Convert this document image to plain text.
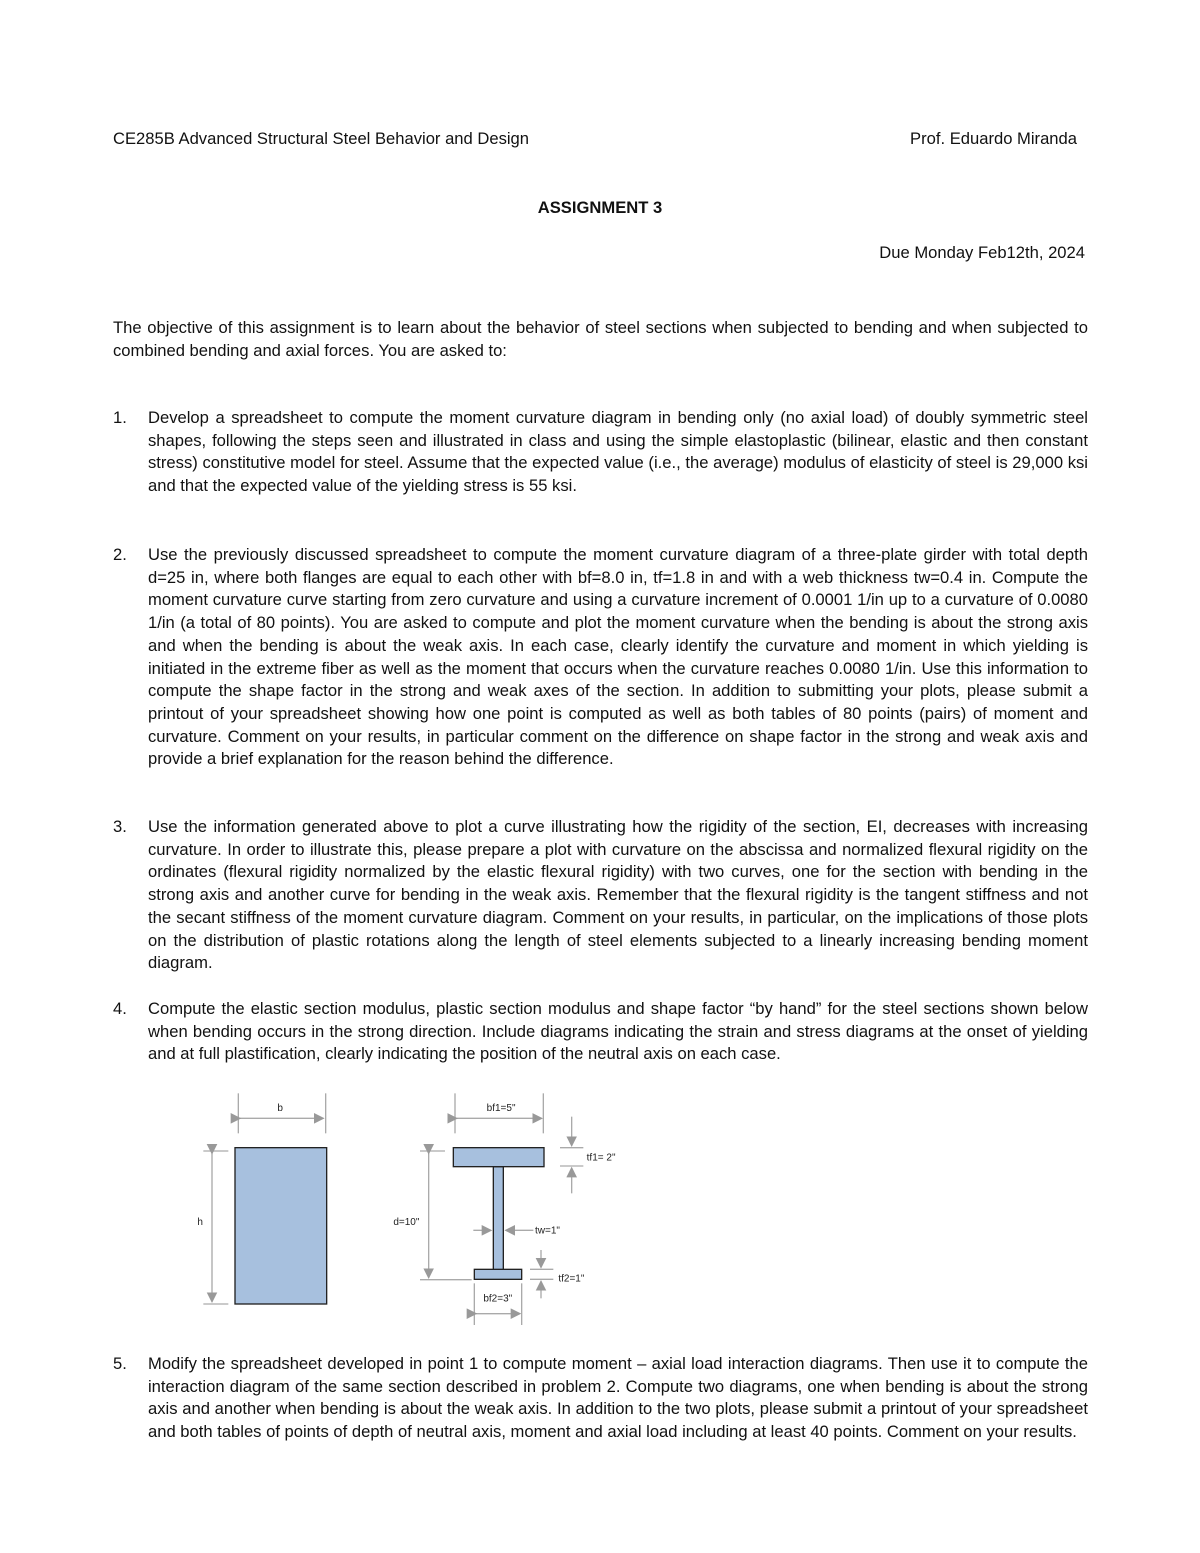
CE285B Advanced Structural Steel Behavior and Design	Prof. Eduardo Miranda
ASSIGNMENT 3
Due Monday Feb12th, 2024
The objective of this assignment is to learn about the behavior of steel sections when subjected to bending and when subjected to combined bending and axial forces. You are asked to:
1. Develop a spreadsheet to compute the moment curvature diagram in bending only (no axial load) of doubly symmetric steel shapes, following the steps seen and illustrated in class and using the simple elastoplastic (bilinear, elastic and then constant stress) constitutive model for steel. Assume that the expected value (i.e., the average) modulus of elasticity of steel is 29,000 ksi and that the expected value of the yielding stress is 55 ksi.
2. Use the previously discussed spreadsheet to compute the moment curvature diagram of a three-plate girder with total depth d=25 in, where both flanges are equal to each other with bf=8.0 in, tf=1.8 in and with a web thickness tw=0.4 in. Compute the moment curvature curve starting from zero curvature and using a curvature increment of 0.0001 1/in up to a curvature of 0.0080 1/in (a total of 80 points). You are asked to compute and plot the moment curvature when the bending is about the strong axis and when the bending is about the weak axis. In each case, clearly identify the curvature and moment in which yielding is initiated in the extreme fiber as well as the moment that occurs when the curvature reaches 0.0080 1/in. Use this information to compute the shape factor in the strong and weak axes of the section. In addition to submitting your plots, please submit a printout of your spreadsheet showing how one point is computed as well as both tables of 80 points (pairs) of moment and curvature. Comment on your results, in particular comment on the difference on shape factor in the strong and weak axis and provide a brief explanation for the reason behind the difference.
3. Use the information generated above to plot a curve illustrating how the rigidity of the section, EI, decreases with increasing curvature. In order to illustrate this, please prepare a plot with curvature on the abscissa and normalized flexural rigidity on the ordinates (flexural rigidity normalized by the elastic flexural rigidity) with two curves, one for the section with bending in the strong axis and another curve for bending in the weak axis. Remember that the flexural rigidity is the tangent stiffness and not the secant stiffness of the moment curvature diagram. Comment on your results, in particular, on the implications of those plots on the distribution of plastic rotations along the length of steel elements subjected to a linearly increasing bending moment diagram.
4. Compute the elastic section modulus, plastic section modulus and shape factor “by hand” for the steel sections shown below when bending occurs in the strong direction. Include diagrams indicating the strain and stress diagrams at the onset of yielding and at full plastification, clearly indicating the position of the neutral axis on each case.
b
h
bf1=5"
tf1= 2"
d=10"
tw=1"
tf2=1"
bf2=3"
5. Modify the spreadsheet developed in point 1 to compute moment – axial load interaction diagrams. Then use it to compute the interaction diagram of the same section described in problem 2. Compute two diagrams, one when bending is about the strong axis and another when bending is about the weak axis. In addition to the two plots, please submit a printout of your spreadsheet and both tables of points of depth of neutral axis, moment and axial load including at least 40 points. Comment on your results.
